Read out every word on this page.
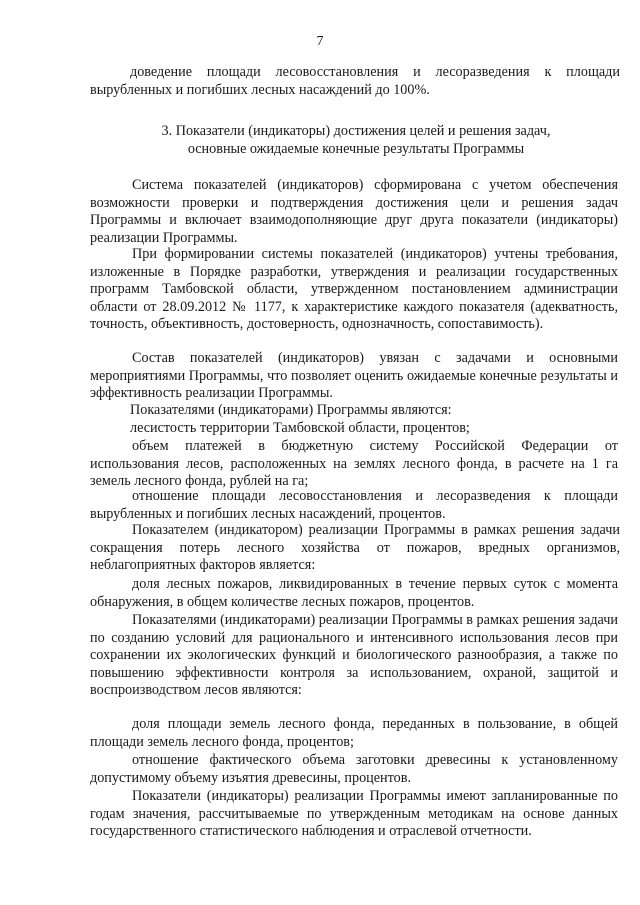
7
доведение площади лесовосстановления и лесоразведения к площади вырубленных и погибших лесных насаждений до 100%.
3. Показатели (индикаторы) достижения целей и решения задач,
основные ожидаемые конечные результаты Программы
Система показателей (индикаторов) сформирована с учетом обеспечения возможности проверки и подтверждения достижения цели и решения задач Программы и включает взаимодополняющие друг друга показатели (индикаторы) реализации Программы.
При формировании системы показателей (индикаторов) учтены требования, изложенные в Порядке разработки, утверждения и реализации государственных программ Тамбовской области, утвержденном постановлением администрации области от 28.09.2012 № 1177, к характеристике каждого показателя (адекватность, точность, объективность, достоверность, однозначность, сопоставимость).
Состав показателей (индикаторов) увязан с задачами и основными мероприятиями Программы, что позволяет оценить ожидаемые конечные результаты и эффективность реализации Программы.
Показателями (индикаторами) Программы являются:
лесистость территории Тамбовской области, процентов;
объем платежей в бюджетную систему Российской Федерации от использования лесов, расположенных на землях лесного фонда, в расчете на 1 га земель лесного фонда, рублей на га;
отношение площади лесовосстановления и лесоразведения к площади вырубленных и погибших лесных насаждений, процентов.
Показателем (индикатором) реализации Программы в рамках решения задачи сокращения потерь лесного хозяйства от пожаров, вредных организмов, неблагоприятных факторов является:
доля лесных пожаров, ликвидированных в течение первых суток с момента обнаружения, в общем количестве лесных пожаров, процентов.
Показателями (индикаторами) реализации Программы в рамках решения задачи по созданию условий для рационального и интенсивного использования лесов при сохранении их экологических функций и биологического разнообразия, а также по повышению эффективности контроля за использованием, охраной, защитой и воспроизводством лесов являются:
доля площади земель лесного фонда, переданных в пользование, в общей площади земель лесного фонда, процентов;
отношение фактического объема заготовки древесины к установленному допустимому объему изъятия древесины, процентов.
Показатели (индикаторы) реализации Программы имеют запланированные по годам значения, рассчитываемые по утвержденным методикам на основе данных государственного статистического наблюдения и отраслевой отчетности.
